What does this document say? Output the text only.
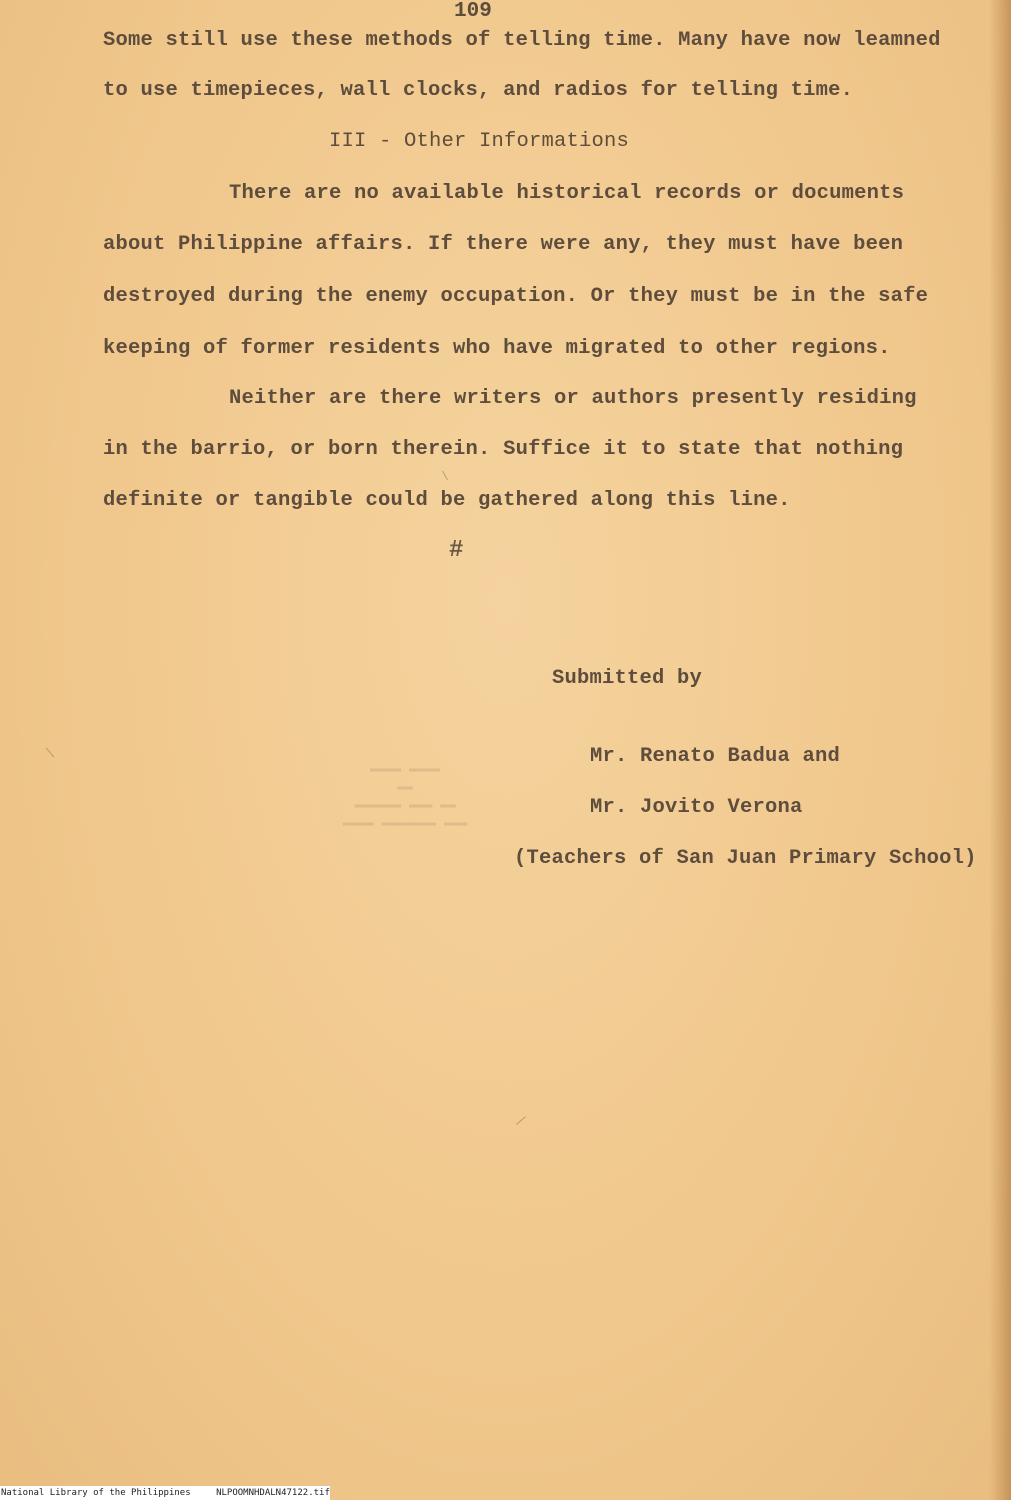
109
Some still use these methods of telling time. Many have now leamned
to use timepieces, wall clocks, and radios for telling time.
III - Other Informations
There are no available historical records or documents
about Philippine affairs. If there were any, they must have been
destroyed during the enemy occupation. Or they must be in the safe
keeping of former residents who have migrated to other regions.
Neither are there writers or authors presently residing
in the barrio, or born therein. Suffice it to state that nothing
definite or tangible could be gathered along this line.
#
Submitted by
Mr. Renato Badua and
Mr. Jovito Verona
(Teachers of San Juan Primary School)
▬▬▬▬ ▬▬▬▬
▬▬
▬▬ ▬▬▬ ▬▬▬▬▬▬
▬▬▬ ▬▬▬▬▬▬▬ ▬▬▬▬
National Library of the Philippines	NLPOOMNHDALN47122.tif
